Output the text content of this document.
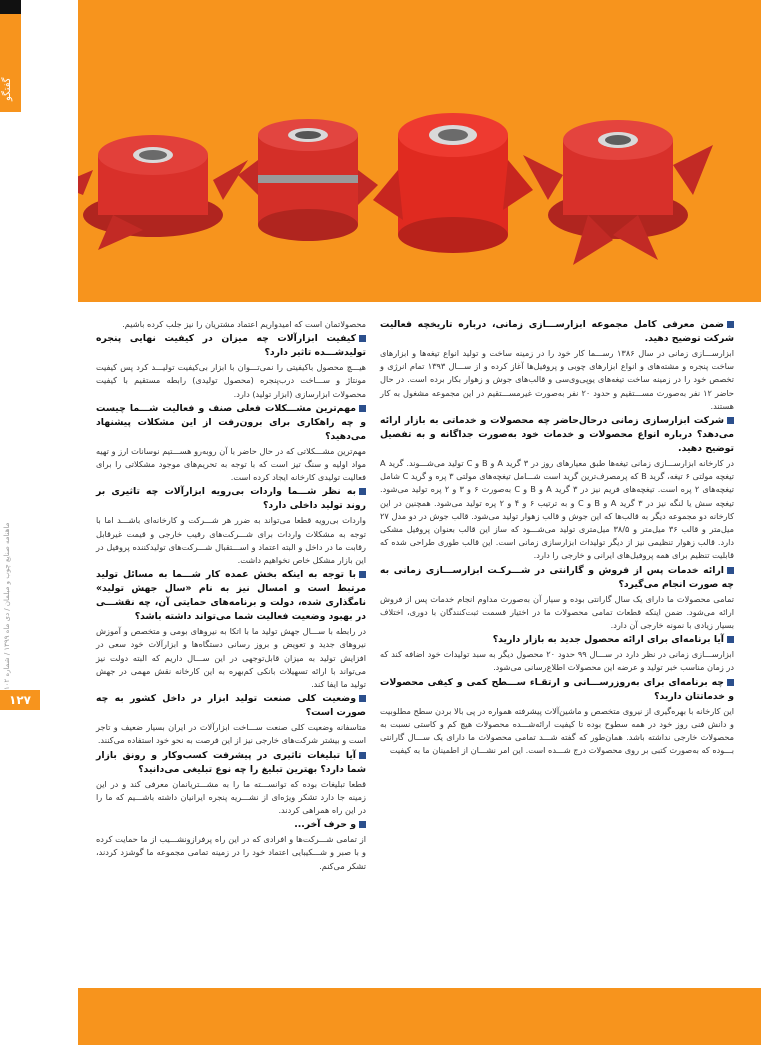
گفتگو
ماهنامه صنایع چوب و مبلمان / دی ماه ۱۳۹۹ / شماره ۱۰۲
۱۲۷

ضمن معرفی کامل مجموعه ابزارســـازی زمانی، درباره تاریخچه فعالیت شرکت توضیح دهید.

ابزارســـازی زمانی در سال ۱۳۸۶ رســـما کار خود را در زمینه ساخت و تولید انواع تیغه‌ها و ابزارهای ساخت پنجره و مشته‌های و انواع ابزارهای چوبی و پروفیل‌ها آغاز کرده و از ســـال ۱۳۹۳ تمام انرژی و تخصص خود را در زمینه ساخت تیغه‌های یوپی‌وی‌سی و قالب‌های جوش و زهوار بکار برده است. در حال حاضر ۱۲ نفر به‌صورت مســـتقیم و حدود ۲۰ نفر به‌صورت غیرمســـتقیم در این مجموعه مشغول به کار هستند.

شرکت ابزارسازی زمانی درحال‌حاضر چه محصولات و خدماتی به بازار ارائه می‌دهد؟ درباره انواع محصولات و خدمات خود به‌صورت جداگانه و به تفصیل توضیح دهید.

در کارخانه ابزارســـازی زمانی تیغه‌ها طبق معیارهای روز در ۳ گرید A و B و C تولید می‌شـــوند. گرید A تیغچه مولتی ۶ تیغه، گرید B که پرمصرف‌ترین گرید است شـــامل تیغچه‌های مولتی ۳ پره و گرید C شامل تیغچه‌های ۲ پره است. تیغچه‌های فریم نیز در ۳ گرید A و B و C به‌صورت ۶ و ۳ و ۲ پره تولید می‌شود. تیغچه سش یا لنگه نیز در ۳ گرید A و B و C و به ترتیب ۶ و ۴ و ۲ پره تولید می‌شود. همچنین در این کارخانه دو مجموعه دیگر به قالب‌ها که این جوش و قالب زهوار تولید می‌شود. قالب جوش در دو مدل ۲۷ میل‌متر و قالب ۳۶ میل‌متر و ۳۸/۵ میل‌متری تولید می‌شـــود که ساز این قالب بعنوان پروفیل مشکی دارد. قالب زهوار تنظیمی نیز از دیگر تولیدات ابزارسازی زمانی است. این قالب طوری طراحی شده که قابلیت تنظیم برای همه پروفیل‌های ایرانی و خارجی را دارد.

ارائه خدمات پس از فروش و گارانتی در شـــرکـت ابزارســـازی زمانی به چه صورت انجام می‌گیرد؟

تمامی محصولات ما دارای یک سال گارانتی بوده و سیار آن به‌صورت مداوم انجام خدمات پس از فروش ارائه می‌شود. ضمن اینکه قطعات تمامی محصولات ما در اختیار قسمت ثبت‌کنندگان با دوری، اختلاف بسیار زیادی با نمونه خارجی آن دارد.

آیا برنامه‌ای برای ارائه محصول جدید به بازار دارید؟

ابزارســـازی زمانی در نظر دارد در ســـال ۹۹ حدود ۲۰ محصول دیگر به سبد تولیدات خود اضافه کند که در زمان مناسب خبر تولید و عرضه این محصولات اطلاع‌رسانی می‌شود.

چه برنامه‌ای برای به‌روزرســـانی و ارتقـاء ســـطح کمی و کیفی محصولات و خدماتتان دارید؟

این کارخانه با بهره‌گیری از نیروی متخصص و ماشین‌آلات پیشرفته همواره در پی بالا بردن سطح مطلوبیت و دانش فنی روز خود در همه سطوح بوده تا کیفیت ارائه‌شـــده محصولات هیچ کم و کاستی نسبت به محصولات خارجی نداشته باشد. همان‌طور که گفته شـــد تمامی محصولات ما دارای یک ســـال گارانتی بـــوده که به‌صورت کتبی بر روی محصولات درج شـــده است. این امر نشـــان از اطمینان ما به کیفیت

محصولاتمان است که امیدواریم اعتماد مشتریان را نیز جلب کرده باشیم.

کیفیت ابزارآلات چه میزان در کیفیت نهایی پنجره تولیدشـــده تاثیر دارد؟

هیـــچ محصول باکیفیتی را نمی‌تـــوان با ابزار بی‌کیفیت تولیـــد کرد پس کیفیت مونتاژ و ســـاخت درب‌پنجره (محصول تولیدی) رابطه مستقیم با کیفیت محصولات ابزارسازی (ابزار تولید) دارد.

مهم‌ترین مشـــکلات فعلی صنف و فعالیت شـــما چیست و چه راهکاری برای برون‌رفت از این مشکلات پیشنهاد می‌دهید؟

مهم‌ترین مشـــکلاتی که در حال حاضر با آن روبه‌رو هســـتیم نوسانات ارز و تهیه مواد اولیه و سنگ تیز است که با توجه به تحریم‌های موجود مشکلاتی را برای فعالیت تولیدی کارخانه ایجاد کرده است.

به نظر شـــما واردات بی‌رویه ابزارآلات چه تاثیری بر روند تولید داخلی دارد؟

واردات بی‌رویه قطعا می‌تواند به ضرر هر شـــرکت و کارخانه‌ای باشـــد اما با توجه به مشکلات واردات برای شـــرکت‌های رقیب خارجی و قیمت غیرقابل رقابت ما در داخل و البته اعتماد و اســـتقبال شـــرکت‌های تولیدکننده پروفیل در این بازار مشکل خاص نخواهیم داشت.

با توجه به اینکه بخش عمده کار شـــما به مسائل تولید مرتبط است و امسال نیز به نام «سال جهش تولید» نامگذاری شده، دولت و برنامه‌های حمایتی آن، چه نقشـــی در بهبود وضعیت فعالیت شما می‌تواند داشته باشد؟

در رابطه با ســـال جهش تولید ما با اتکا به نیروهای بومی و متخصص و آموزش نیروهای جدید و تعویض و بروز رسانی دستگاه‌ها و ابزارآلات خود سعی در افزایش تولید به میزان قابل‌توجهی در این ســـال داریم که البته دولت نیز می‌تواند با ارائه تسهیلات بانکی کم‌بهره به این کارخانه نقش مهمی در جهش تولید ما ایفا کند.

وضعیت کلی صنعت تولید ابزار در داخل کشور به چه صورت است؟

متاسفانه وضعیت کلی صنعت ســـاخت ابزارآلات در ایران بسیار ضعیف و تاجر است و بیشتر شرکت‌های خارجی نیز از این فرصت به نحو خود استفاده می‌کنند.

آیا تبلیغات تاثیری در پیشرفت کسب‌وکار و رونق بازار شما دارد؟ بهترین تبلیغ را چه نوع تبلیغی می‌دانید؟

قطعا تبلیغات بوده که توانســـته ما را به مشـــتریانمان معرفی کند و در این زمینه جا دارد تشکر ویژه‌ای از نشـــریه پنجره ایرانیان داشته باشـــیم که ما را در این راه همراهی کردند.

و حرف آخر...

از تمامی شـــرکت‌ها و افرادی که در این راه پرفرازونشـــیب از ما حمایت کرده و با صبر و شـــکیبایی اعتماد خود را در زمینه تمامی مجموعه ما گوشزد کردند، تشکر می‌کنم.
